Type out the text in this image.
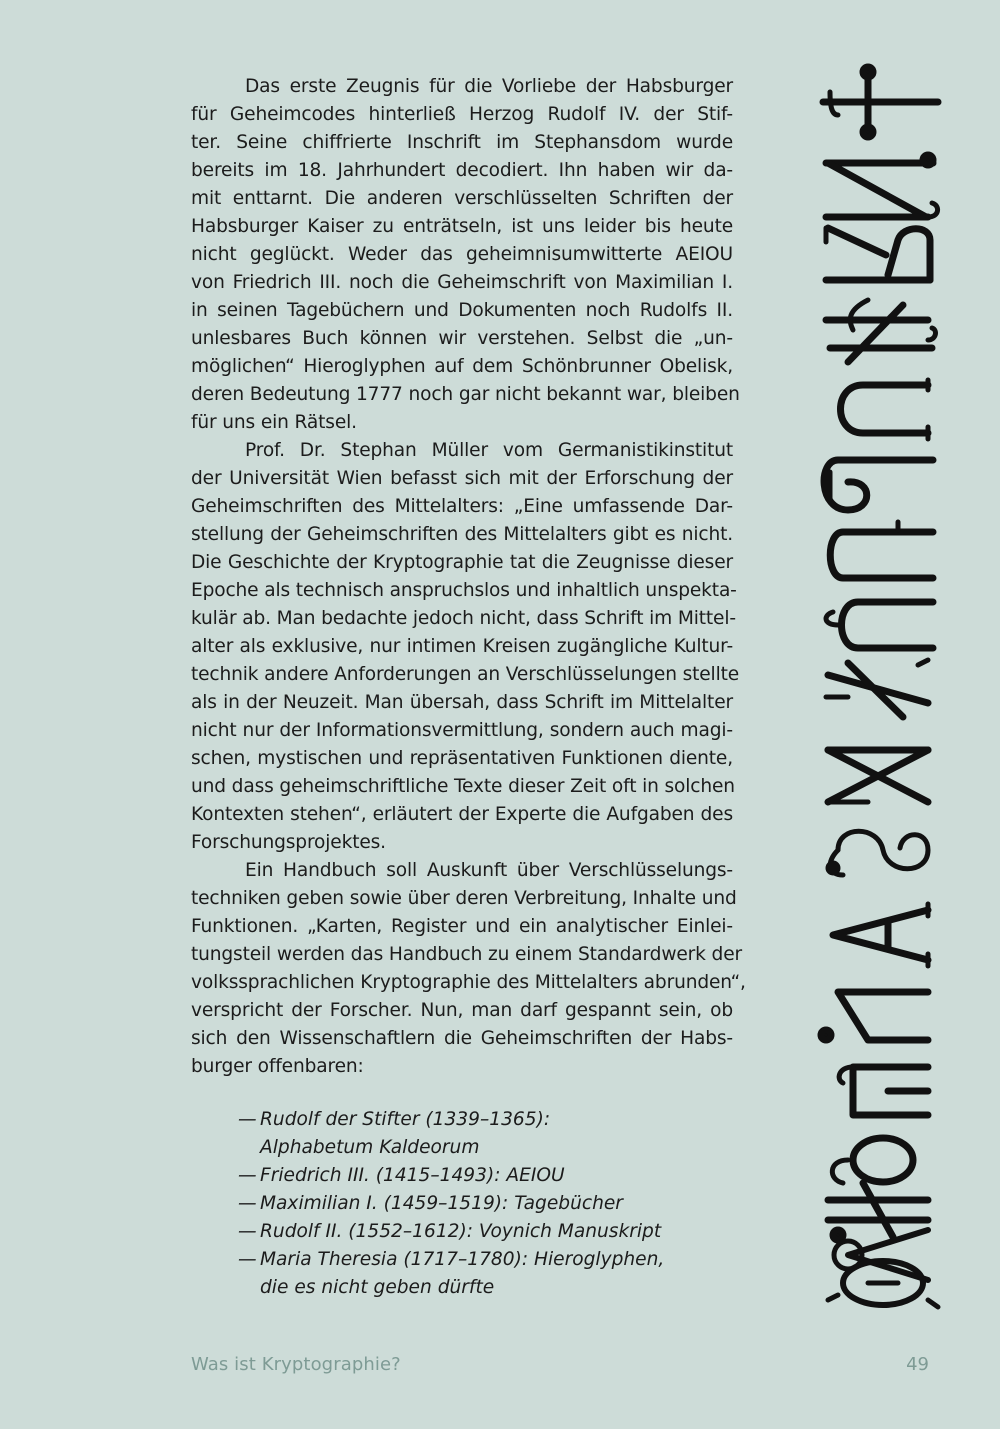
Das erste Zeugnis für die Vorliebe der Habsburger
für Geheimcodes hinterließ Herzog Rudolf IV. der Stif-
ter. Seine chiffrierte Inschrift im Stephansdom wurde
bereits im 18. Jahrhundert decodiert. Ihn haben wir da-
mit enttarnt. Die anderen verschlüsselten Schriften der
Habsburger Kaiser zu enträtseln, ist uns leider bis heute
nicht geglückt. Weder das geheimnisumwitterte AEIOU
von Friedrich III. noch die Geheimschrift von Maximilian I.
in seinen Tagebüchern und Dokumenten noch Rudolfs II.
unlesbares Buch können wir verstehen. Selbst die „un-
möglichen“ Hieroglyphen auf dem Schönbrunner Obelisk,
deren Bedeutung 1777 noch gar nicht bekannt war, bleiben
für uns ein Rätsel.
Prof. Dr. Stephan Müller vom Germanistikinstitut
der Universität Wien befasst sich mit der Erforschung der
Geheimschriften des Mittelalters: „Eine umfassende Dar-
stellung der Geheimschriften des Mittelalters gibt es nicht.
Die Geschichte der Kryptographie tat die Zeugnisse dieser
Epoche als technisch anspruchslos und inhaltlich unspekta-
kulär ab. Man bedachte jedoch nicht, dass Schrift im Mittel-
alter als exklusive, nur intimen Kreisen zugängliche Kultur-
technik andere Anforderungen an Verschlüsselungen stellte
als in der Neuzeit. Man übersah, dass Schrift im Mittelalter
nicht nur der Informationsvermittlung, sondern auch magi-
schen, mystischen und repräsentativen Funktionen diente,
und dass geheimschriftliche Texte dieser Zeit oft in solchen
Kontexten stehen“, erläutert der Experte die Aufgaben des
Forschungsprojektes.
Ein Handbuch soll Auskunft über Verschlüsselungs-
techniken geben sowie über deren Verbreitung, Inhalte und
Funktionen. „Karten, Register und ein analytischer Einlei-
tungsteil werden das Handbuch zu einem Standardwerk der
volkssprachlichen Kryptographie des Mittelalters abrunden“,
verspricht der Forscher. Nun, man darf gespannt sein, ob
sich den Wissenschaftlern die Geheimschriften der Habs-
burger offenbaren:
— Rudolf der Stifter (1339–1365):
Alphabetum Kaldeorum
— Friedrich III. (1415–1493): AEIOU
— Maximilian I. (1459–1519): Tagebücher
— Rudolf II. (1552–1612): Voynich Manuskript
— Maria Theresia (1717–1780): Hieroglyphen,
die es nicht geben dürfte
Was ist Kryptographie?	49
